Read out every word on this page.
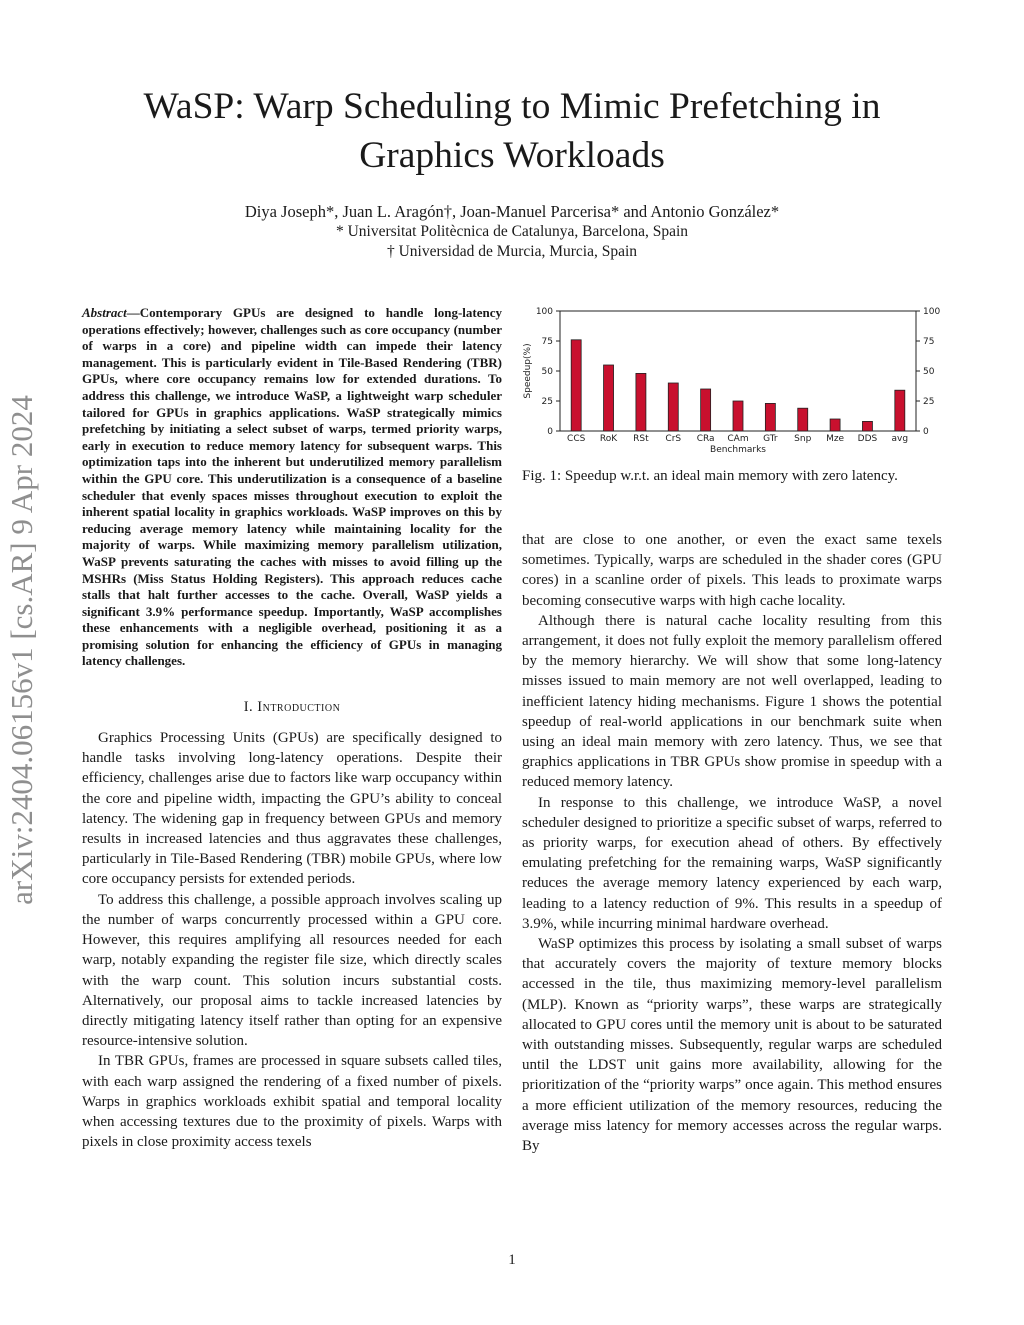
arXiv:2404.06156v1 [cs.AR] 9 Apr 2024
WaSP: Warp Scheduling to Mimic Prefetching in Graphics Workloads
Diya Joseph*, Juan L. Aragón†, Joan-Manuel Parcerisa* and Antonio González*
* Universitat Politècnica de Catalunya, Barcelona, Spain
† Universidad de Murcia, Murcia, Spain

Abstract—Contemporary GPUs are designed to handle long-latency operations effectively; however, challenges such as core occupancy (number of warps in a core) and pipeline width can impede their latency management. This is particularly evident in Tile-Based Rendering (TBR) GPUs, where core occupancy remains low for extended durations. To address this challenge, we introduce WaSP, a lightweight warp scheduler tailored for GPUs in graphics applications. WaSP strategically mimics prefetching by initiating a select subset of warps, termed priority warps, early in execution to reduce memory latency for subsequent warps. This optimization taps into the inherent but underutilized memory parallelism within the GPU core. This underutilization is a consequence of a baseline scheduler that evenly spaces misses throughout execution to exploit the inherent spatial locality in graphics workloads. WaSP improves on this by reducing average memory latency while maintaining locality for the majority of warps. While maximizing memory parallelism utilization, WaSP prevents saturating the caches with misses to avoid filling up the MSHRs (Miss Status Holding Registers). This approach reduces cache stalls that halt further accesses to the cache. Overall, WaSP yields a significant 3.9% performance speedup. Importantly, WaSP accomplishes these enhancements with a negligible overhead, positioning it as a promising solution for enhancing the efficiency of GPUs in managing latency challenges.

I. Introduction

Graphics Processing Units (GPUs) are specifically designed to handle tasks involving long-latency operations. Despite their efficiency, challenges arise due to factors like warp occupancy within the core and pipeline width, impacting the GPU’s ability to conceal latency. The widening gap in frequency between GPUs and memory results in increased latencies and thus aggravates these challenges, particularly in Tile-Based Rendering (TBR) mobile GPUs, where low core occupancy persists for extended periods.

To address this challenge, a possible approach involves scaling up the number of warps concurrently processed within a GPU core. However, this requires amplifying all resources needed for each warp, notably expanding the register file size, which directly scales with the warp count. This solution incurs substantial costs. Alternatively, our proposal aims to tackle increased latencies by directly mitigating latency itself rather than opting for an expensive resource-intensive solution.

In TBR GPUs, frames are processed in square subsets called tiles, with each warp assigned the rendering of a fixed number of pixels. Warps in graphics workloads exhibit spatial and temporal locality when accessing textures due to the proximity of pixels. Warps with pixels in close proximity access texels

0	0
25	25
50	50
75	75
100	100
CCS RoK RSt CrS CRa CAm GTr Snp Mze DDS avg
Benchmarks
Speedup(%)
Fig. 1: Speedup w.r.t. an ideal main memory with zero latency.

that are close to one another, or even the exact same texels sometimes. Typically, warps are scheduled in the shader cores (GPU cores) in a scanline order of pixels. This leads to proximate warps becoming consecutive warps with high cache locality.

Although there is natural cache locality resulting from this arrangement, it does not fully exploit the memory parallelism offered by the memory hierarchy. We will show that some long-latency misses issued to main memory are not well overlapped, leading to inefficient latency hiding mechanisms. Figure 1 shows the potential speedup of real-world applications in our benchmark suite when using an ideal main memory with zero latency. Thus, we see that graphics applications in TBR GPUs show promise in speedup with a reduced memory latency.

In response to this challenge, we introduce WaSP, a novel scheduler designed to prioritize a specific subset of warps, referred to as priority warps, for execution ahead of others. By effectively emulating prefetching for the remaining warps, WaSP significantly reduces the average memory latency experienced by each warp, leading to a latency reduction of 9%. This results in a speedup of 3.9%, while incurring minimal hardware overhead.

WaSP optimizes this process by isolating a small subset of warps that accurately covers the majority of texture memory blocks accessed in the tile, thus maximizing memory-level parallelism (MLP). Known as “priority warps”, these warps are strategically allocated to GPU cores until the memory unit is about to be saturated with outstanding misses. Subsequently, regular warps are scheduled until the LDST unit gains more availability, allowing for the prioritization of the “priority warps” once again. This method ensures a more efficient utilization of the memory resources, reducing the average miss latency for memory accesses across the regular warps. By

1
